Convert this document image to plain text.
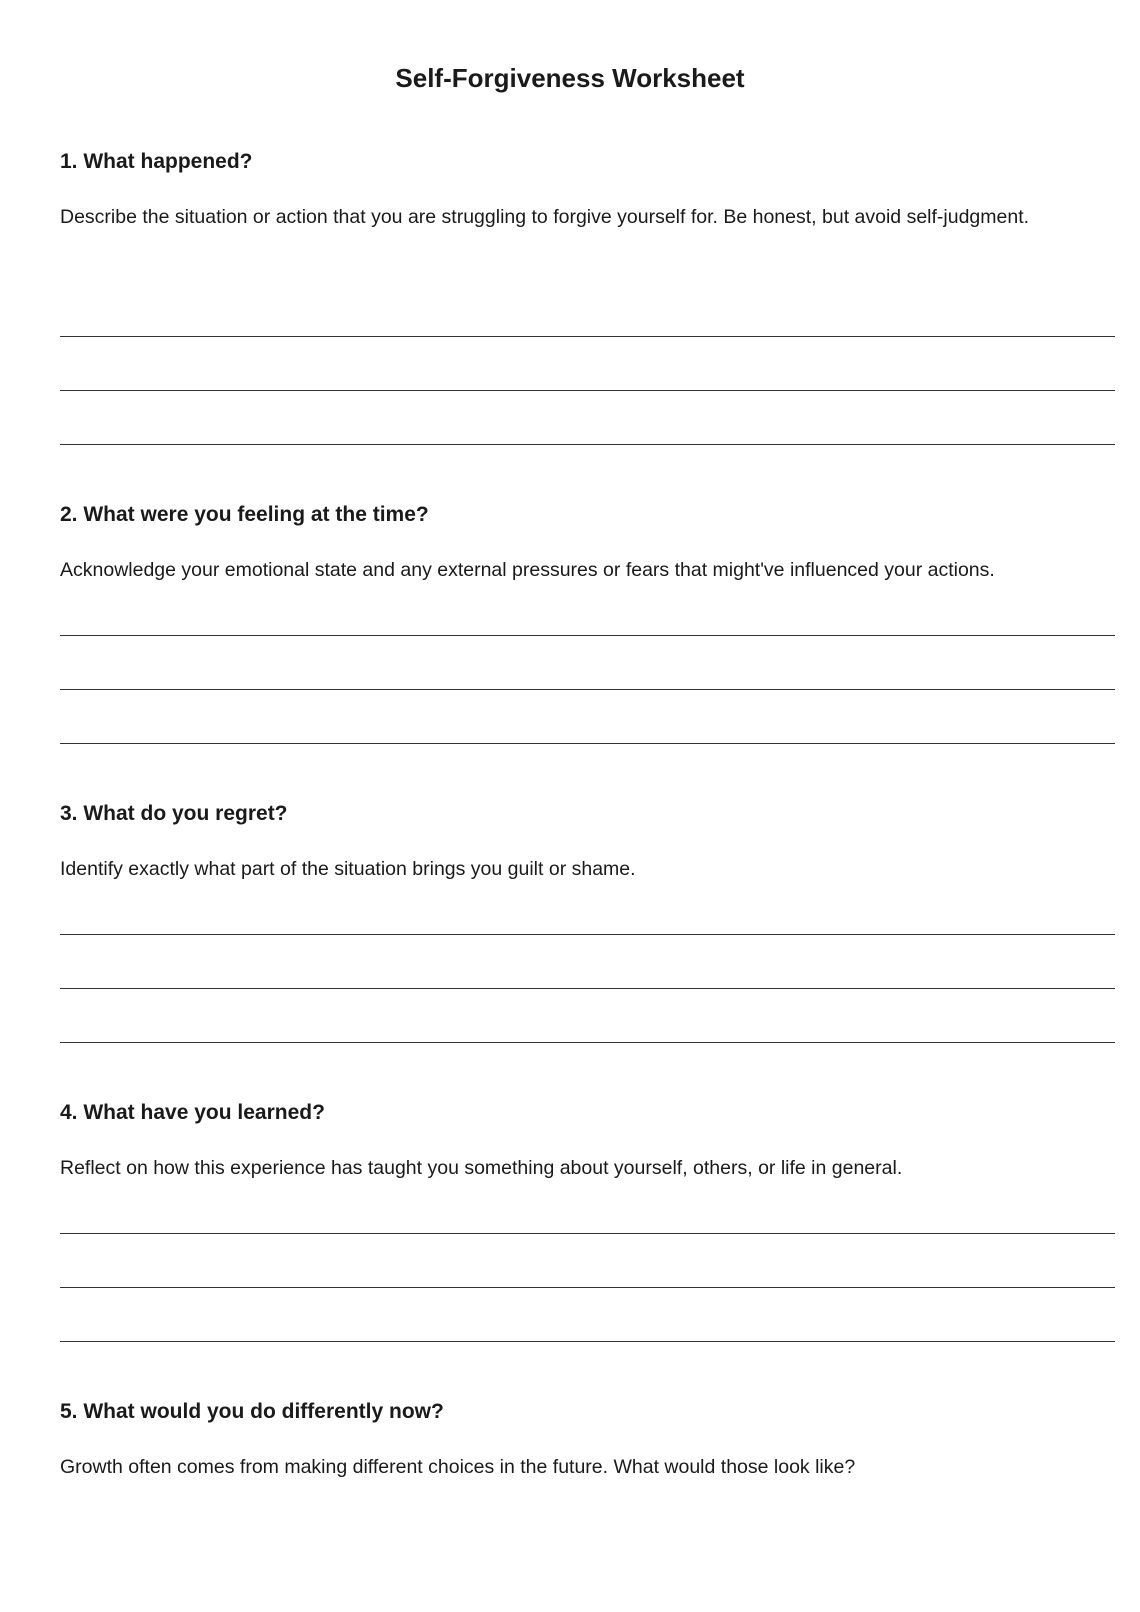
Self-Forgiveness Worksheet
1. What happened?

Describe the situation or action that you are struggling to forgive yourself for. Be honest, but avoid self-judgment.

2. What were you feeling at the time?

Acknowledge your emotional state and any external pressures or fears that might've influenced your actions.

3. What do you regret?

Identify exactly what part of the situation brings you guilt or shame.

4. What have you learned?

Reflect on how this experience has taught you something about yourself, others, or life in general.

5. What would you do differently now?

Growth often comes from making different choices in the future. What would those look like?
